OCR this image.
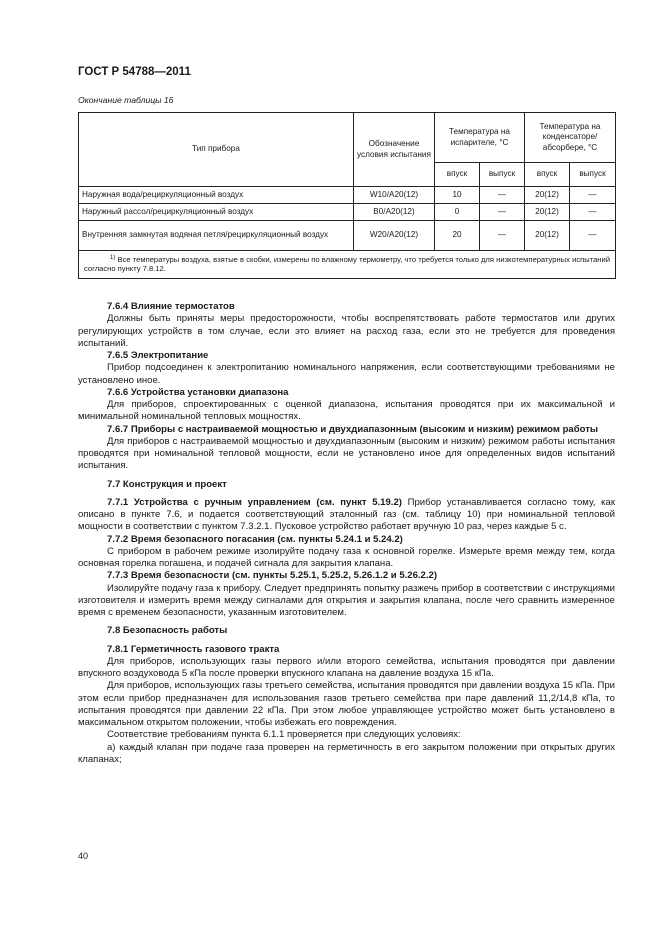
ГОСТ Р 54788—2011
Окончание таблицы 16
Тип прибора	Обозначение условия испытания	Температура на испарителе, °С		Температура на конденсаторе/ абсорбере, °С	
		впуск	выпуск	впуск	выпуск
Наружная вода/рециркуляционный воздух	W10/A20(12)	10	—	20(12)	—
Наружный рассол/рециркуляционный воздух	B0/A20(12)	0	—	20(12)	—
Внутренняя замкнутая водяная петля/рециркуляционный воздух	W20/A20(12)	20	—	20(12)	—
$^{1)}$ Все температуры воздуха, взятые в скобки, измерены по влажному термометру, что требуется только для низкотемпературных испытаний согласно пункту 7.8.12.					

7.6.4 Влияние термостатов

Должны быть приняты меры предосторожности, чтобы воспрепятствовать работе термостатов или других регулирующих устройств в том случае, если это влияет на расход газа, если это не требуется для проведения испытаний.

7.6.5 Электропитание

Прибор подсоединен к электропитанию номинального напряжения, если соответствующими требованиями не установлено иное.

7.6.6 Устройства установки диапазона

Для приборов, спроектированных с оценкой диапазона, испытания проводятся при их максимальной и минимальной номинальной тепловых мощностях.

7.6.7 Приборы с настраиваемой мощностью и двухдиапазонным (высоким и низким) режимом работы

Для приборов с настраиваемой мощностью и двухдиапазонным (высоким и низким) режимом работы испытания проводятся при номинальной тепловой мощности, если не установлено иное для определенных видов испытаний испытания.

7.7 Конструкция и проект

7.7.1 Устройства с ручным управлением (см. пункт 5.19.2) Прибор устанавливается согласно тому, как описано в пункте 7.6, и подается соответствующий эталонный газ (см. таблицу 10) при номинальной тепловой мощности в соответствии с пунктом 7.3.2.1. Пусковое устройство работает вручную 10 раз, через каждые 5 с.

7.7.2 Время безопасного погасания (см. пункты 5.24.1 и 5.24.2)

С прибором в рабочем режиме изолируйте подачу газа к основной горелке. Измерьте время между тем, когда основная горелка погашена, и подачей сигнала для закрытия клапана.

7.7.3 Время безопасности (см. пункты 5.25.1, 5.25.2, 5.26.1.2 и 5.26.2.2)

Изолируйте подачу газа к прибору. Следует предпринять попытку разжечь прибор в соответствии с инструкциями изготовителя и измерить время между сигналами для открытия и закрытия клапана, после чего сравнить измеренное время с временем безопасности, указанным изготовителем.

7.8 Безопасность работы

7.8.1 Герметичность газового тракта

Для приборов, использующих газы первого и/или второго семейства, испытания проводятся при давлении впускного воздуховода 5 кПа после проверки впускного клапана на давление воздуха 15 кПа.

Для приборов, использующих газы третьего семейства, испытания проводятся при давлении воздуха 15 кПа. При этом если прибор предназначен для использования газов третьего семейства при паре давлений 11,2/14,8 кПа, то испытания проводятся при давлении 22 кПа. При этом любое управляющее устройство может быть установлено в максимальном открытом положении, чтобы избежать его повреждения.

Соответствие требованиям пункта 6.1.1 проверяется при следующих условиях:

а) каждый клапан при подаче газа проверен на герметичность в его закрытом положении при открытых других клапанах;

40
